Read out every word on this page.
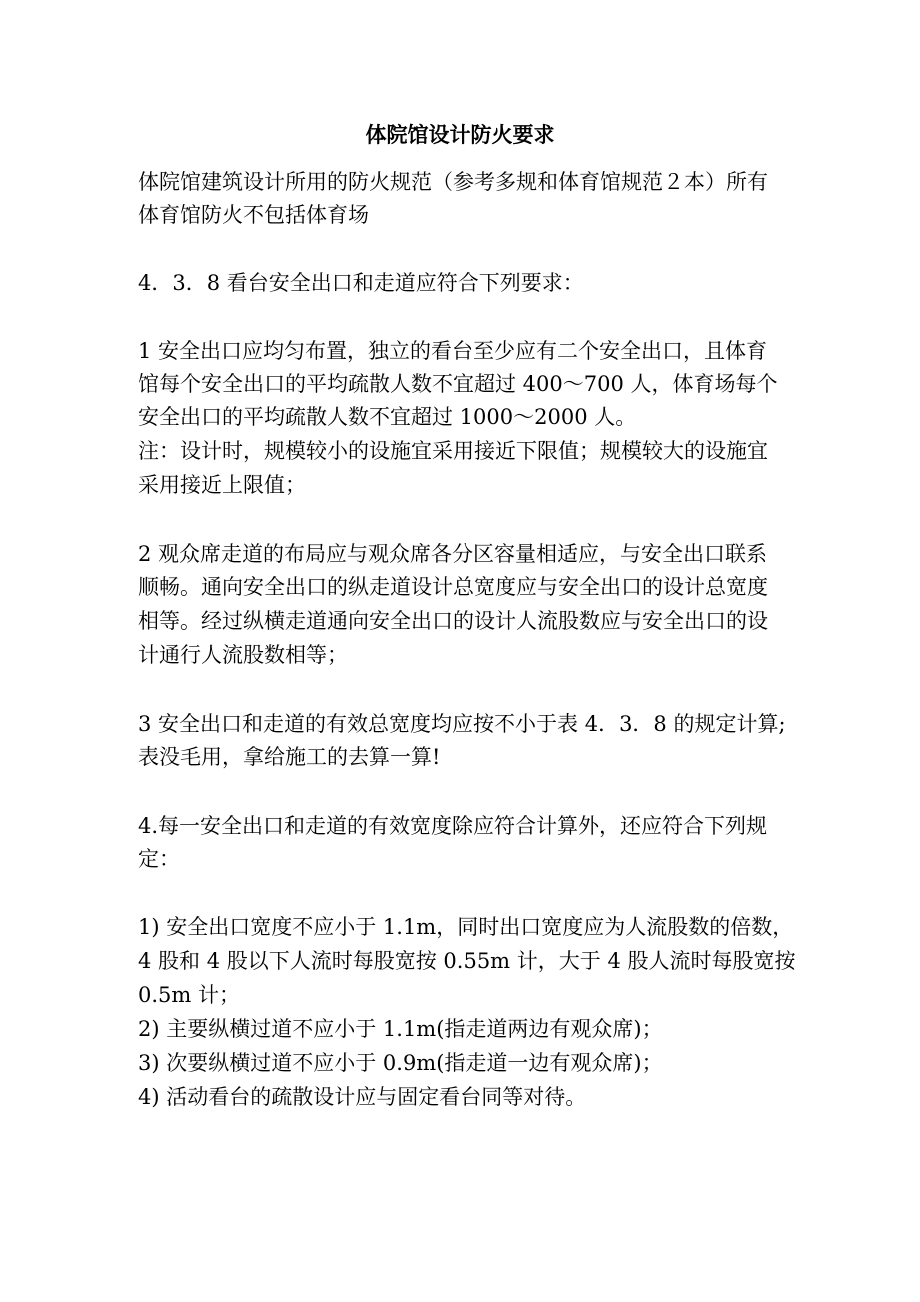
体院馆设计防火要求
体院馆建筑设计所用的防火规范（参考多规和体育馆规范２本）所有
体育馆防火不包括体育场
4．3．8 看台安全出口和走道应符合下列要求：
1 安全出口应均匀布置，独立的看台至少应有二个安全出口，且体育
馆每个安全出口的平均疏散人数不宜超过 400～700 人，体育场每个
安全出口的平均疏散人数不宜超过 1000～2000 人。
注：设计时，规模较小的设施宜采用接近下限值；规模较大的设施宜
采用接近上限值；
2 观众席走道的布局应与观众席各分区容量相适应，与安全出口联系
顺畅。通向安全出口的纵走道设计总宽度应与安全出口的设计总宽度
相等。经过纵横走道通向安全出口的设计人流股数应与安全出口的设
计通行人流股数相等；
3 安全出口和走道的有效总宽度均应按不小于表 4．3．8 的规定计算;
表没毛用，拿给施工的去算一算!
4.每一安全出口和走道的有效宽度除应符合计算外，还应符合下列规
定：
1) 安全出口宽度不应小于 1.1m，同时出口宽度应为人流股数的倍数，
4 股和 4 股以下人流时每股宽按 0.55m 计，大于 4 股人流时每股宽按
0.5m 计；
2) 主要纵横过道不应小于 1.1m(指走道两边有观众席)；
3) 次要纵横过道不应小于 0.9m(指走道一边有观众席)；
4) 活动看台的疏散设计应与固定看台同等对待。
